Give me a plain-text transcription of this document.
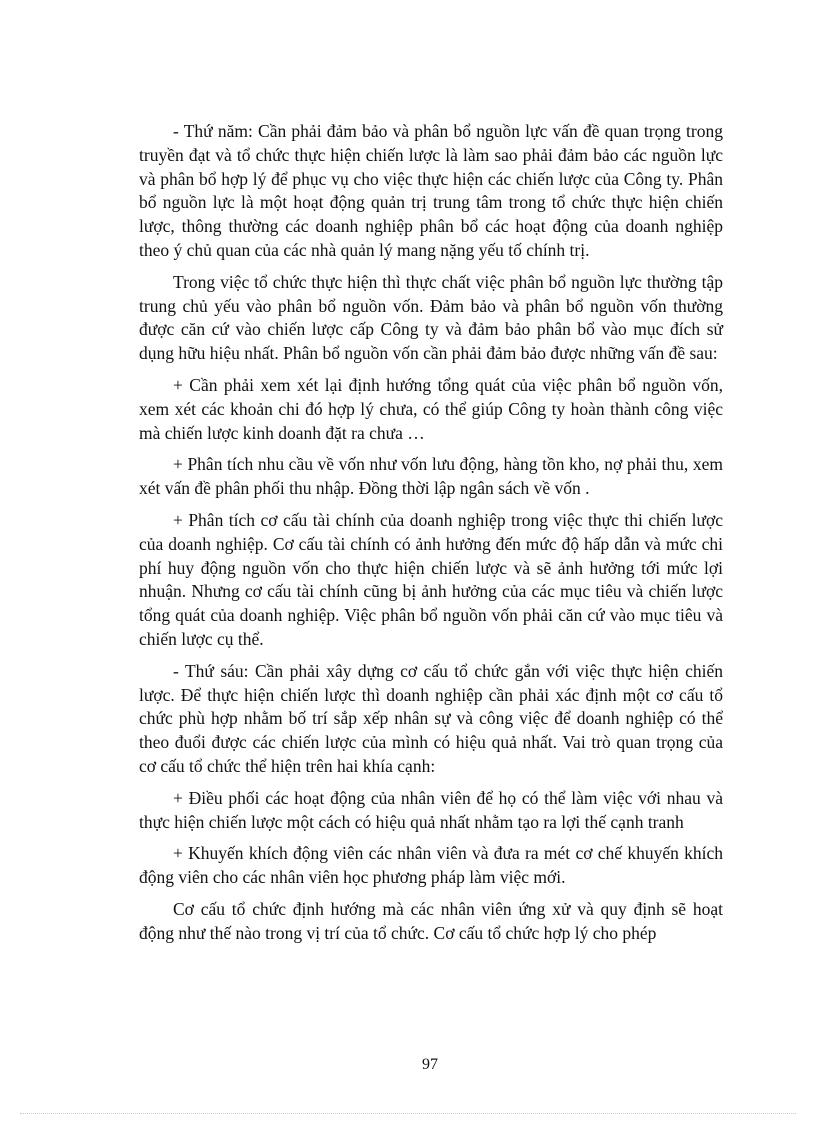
- Thứ năm: Cần phải đảm bảo và phân bổ nguồn lực vấn đề quan trọng trong truyền đạt và tổ chức thực hiện chiến lược là làm sao phải đảm bảo các nguồn lực và phân bổ hợp lý để phục vụ cho việc thực hiện các chiến lược của Công ty. Phân bổ nguồn lực là một hoạt động quản trị trung tâm trong tổ chức thực hiện chiến lược, thông thường các doanh nghiệp phân bổ các hoạt động của doanh nghiệp theo ý chủ quan của các nhà quản lý mang nặng yếu tố chính trị.

Trong việc tổ chức thực hiện thì thực chất việc phân bổ nguồn lực thường tập trung chủ yếu vào phân bổ nguồn vốn. Đảm bảo và phân bổ nguồn vốn thường được căn cứ vào chiến lược cấp Công ty và đảm bảo phân bổ vào mục đích sử dụng hữu hiệu nhất. Phân bổ nguồn vốn cần phải đảm bảo được những vấn đề sau:

+ Cần phải xem xét lại định hướng tổng quát của việc phân bổ nguồn vốn, xem xét các khoản chi đó hợp lý chưa, có thể giúp Công ty hoàn thành công việc mà chiến lược kinh doanh đặt ra chưa …

+ Phân tích nhu cầu về vốn như vốn lưu động, hàng tồn kho, nợ phải thu, xem xét vấn đề phân phối thu nhập. Đồng thời lập ngân sách về vốn .

+ Phân tích cơ cấu tài chính của doanh nghiệp trong việc thực thi chiến lược của doanh nghiệp. Cơ cấu tài chính có ảnh hưởng đến mức độ hấp dẫn và mức chi phí huy động nguồn vốn cho thực hiện chiến lược và sẽ ảnh hưởng tới mức lợi nhuận. Nhưng cơ cấu tài chính cũng bị ảnh hưởng của các mục tiêu và chiến lược tổng quát của doanh nghiệp. Việc phân bổ nguồn vốn phải căn cứ vào mục tiêu và chiến lược cụ thể.

- Thứ sáu: Cần phải xây dựng cơ cấu tổ chức gắn với việc thực hiện chiến lược. Để thực hiện chiến lược thì doanh nghiệp cần phải xác định một cơ cấu tổ chức phù hợp nhằm bố trí sắp xếp nhân sự và công việc để doanh nghiệp có thể theo đuổi được các chiến lược của mình có hiệu quả nhất. Vai trò quan trọng của cơ cấu tổ chức thể hiện trên hai khía cạnh:

+ Điều phối các hoạt động của nhân viên để họ có thể làm việc với nhau và thực hiện chiến lược một cách có hiệu quả nhất nhằm tạo ra lợi thế cạnh tranh

+ Khuyến khích động viên các nhân viên và đưa ra mét cơ chế khuyến khích động viên cho các nhân viên học phương pháp làm việc mới.

Cơ cấu tổ chức định hướng mà các nhân viên ứng xử và quy định sẽ hoạt động như thế nào trong vị trí của tổ chức. Cơ cấu tổ chức hợp lý cho phép

97
